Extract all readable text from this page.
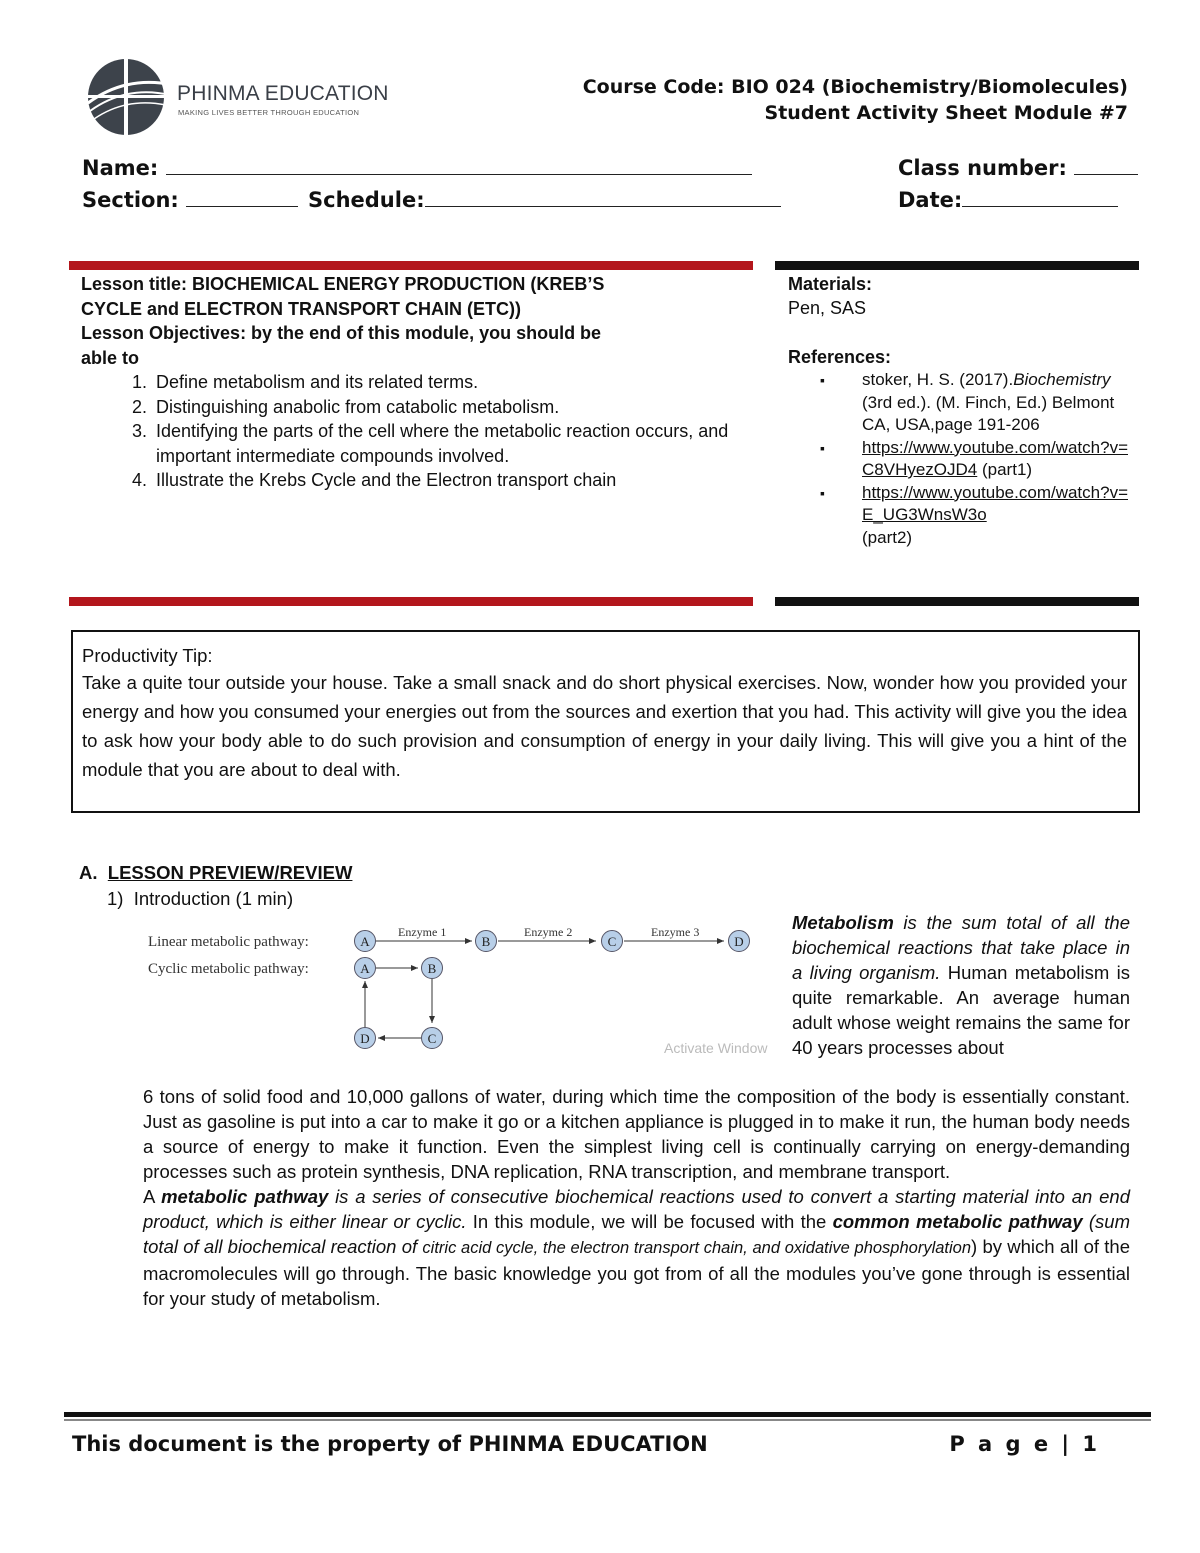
PHINMA EDUCATION
MAKING LIVES BETTER THROUGH EDUCATION
Course Code: BIO 024 (Biochemistry/Biomolecules)
Student Activity Sheet Module #7
Name:	Class number:
Section:	Schedule:	Date:
Lesson title: BIOCHEMICAL ENERGY PRODUCTION (KREB’S
CYCLE and ELECTRON TRANSPORT CHAIN (ETC))
Lesson Objectives: by the end of this module, you should be
able to
1. Define metabolism and its related terms.
2. Distinguishing anabolic from catabolic metabolism.
3. Identifying the parts of the cell where the metabolic reaction occurs, and important intermediate compounds involved.
4. Illustrate the Krebs Cycle and the Electron transport chain
Materials:
Pen, SAS
References:
▪ stoker, H. S. (2017).Biochemistry (3rd ed.). (M. Finch, Ed.) Belmont CA, USA,page 191-206
▪ https://www.youtube.com/watch?v=C8VHyezOJD4 (part1)
▪ https://www.youtube.com/watch?v=E_UG3WnsW3o
(part2)
Productivity Tip:
Take a quite tour outside your house. Take a small snack and do short physical exercises. Now, wonder how you provided your energy and how you consumed your energies out from the sources and exertion that you had. This activity will give you the idea to ask how your body able to do such provision and consumption of energy in your daily living. This will give you a hint of the module that you are about to deal with.
A. LESSON PREVIEW/REVIEW
1) Introduction (1 min)
Linear metabolic pathway:
Cyclic metabolic pathway:
Enzyme 1	Enzyme 2	Enzyme 3
A	B	C	D
A	B
C
D
Activate Window
Metabolism is the sum total of all the biochemical reactions that take place in a living organism. Human metabolism is quite remarkable. An average human adult whose weight remains the same for 40 years processes about
6 tons of solid food and 10,000 gallons of water, during which time the composition of the body is essentially constant. Just as gasoline is put into a car to make it go or a kitchen appliance is plugged in to make it run, the human body needs a source of energy to make it function. Even the simplest living cell is continually carrying on energy-demanding processes such as protein synthesis, DNA replication, RNA transcription, and membrane transport.
A metabolic pathway is a series of consecutive biochemical reactions used to convert a starting material into an end product, which is either linear or cyclic. In this module, we will be focused with the common metabolic pathway (sum total of all biochemical reaction of citric acid cycle, the electron transport chain, and oxidative phosphorylation) by which all of the macromolecules will go through. The basic knowledge you got from of all the modules you’ve gone through is essential for your study of metabolism.
This document is the property of PHINMA EDUCATION	P a g e | 1
